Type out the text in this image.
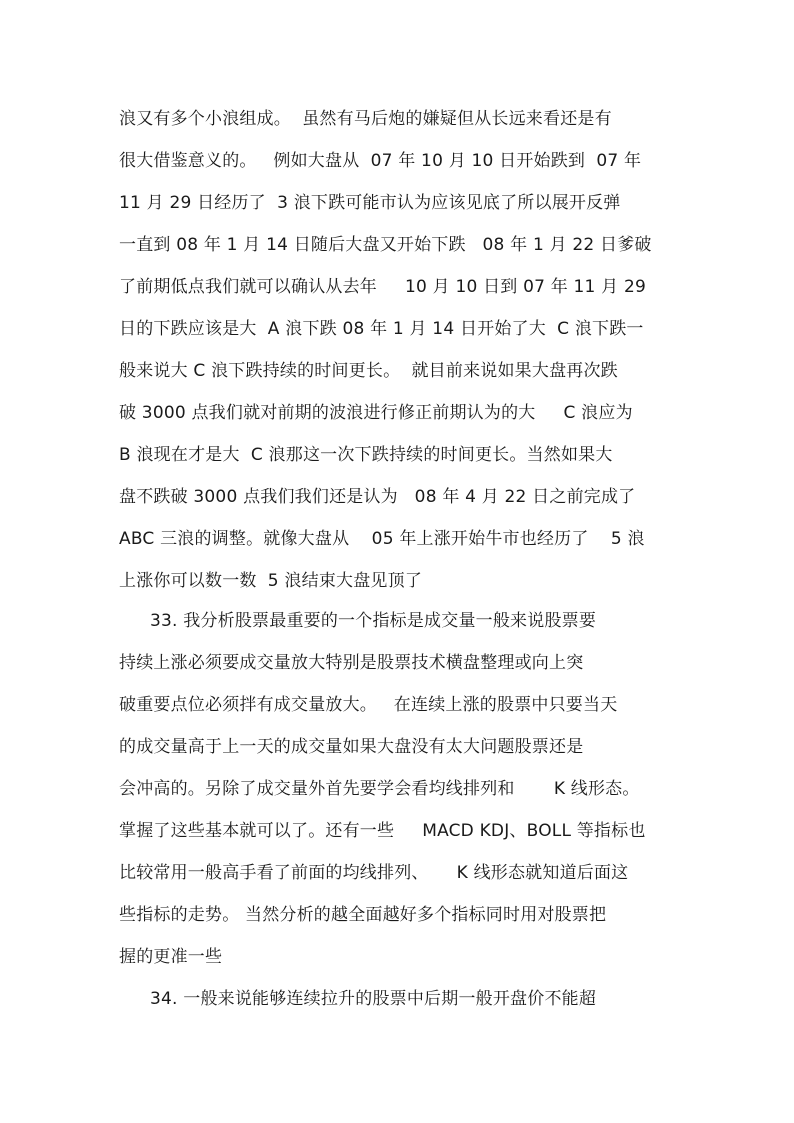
浪又有多个小浪组成。  虽然有马后炮的嫌疑但从长远来看还是有
很大借鉴意义的。   例如大盘从  07 年 10 月 10 日开始跌到  07 年
11 月 29 日经历了  3 浪下跌可能市认为应该见底了所以展开反弹
一直到 08 年 1 月 14 日随后大盘又开始下跌   08 年 1 月 22 日爹破
了前期低点我们就可以确认从去年     10 月 10 日到 07 年 11 月 29
日的下跌应该是大  A 浪下跌 08 年 1 月 14 日开始了大  C 浪下跌一
般来说大 C 浪下跌持续的时间更长。  就目前来说如果大盘再次跌
破 3000 点我们就对前期的波浪进行修正前期认为的大     C 浪应为
B 浪现在才是大  C 浪那这一次下跌持续的时间更长。当然如果大
盘不跌破 3000 点我们我们还是认为   08 年 4 月 22 日之前完成了
ABC 三浪的调整。就像大盘从    05 年上涨开始牛市也经历了    5 浪
上涨你可以数一数  5 浪结束大盘见顶了
33. 我分析股票最重要的一个指标是成交量一般来说股票要
持续上涨必须要成交量放大特别是股票技术横盘整理或向上突
破重要点位必须拌有成交量放大。   在连续上涨的股票中只要当天
的成交量高于上一天的成交量如果大盘没有太大问题股票还是
会冲高的。另除了成交量外首先要学会看均线排列和       K 线形态。
掌握了这些基本就可以了。还有一些     MACD KDJ、BOLL 等指标也
比较常用一般高手看了前面的均线排列、     K 线形态就知道后面这
些指标的走势。 当然分析的越全面越好多个指标同时用对股票把
握的更准一些
34. 一般来说能够连续拉升的股票中后期一般开盘价不能超
